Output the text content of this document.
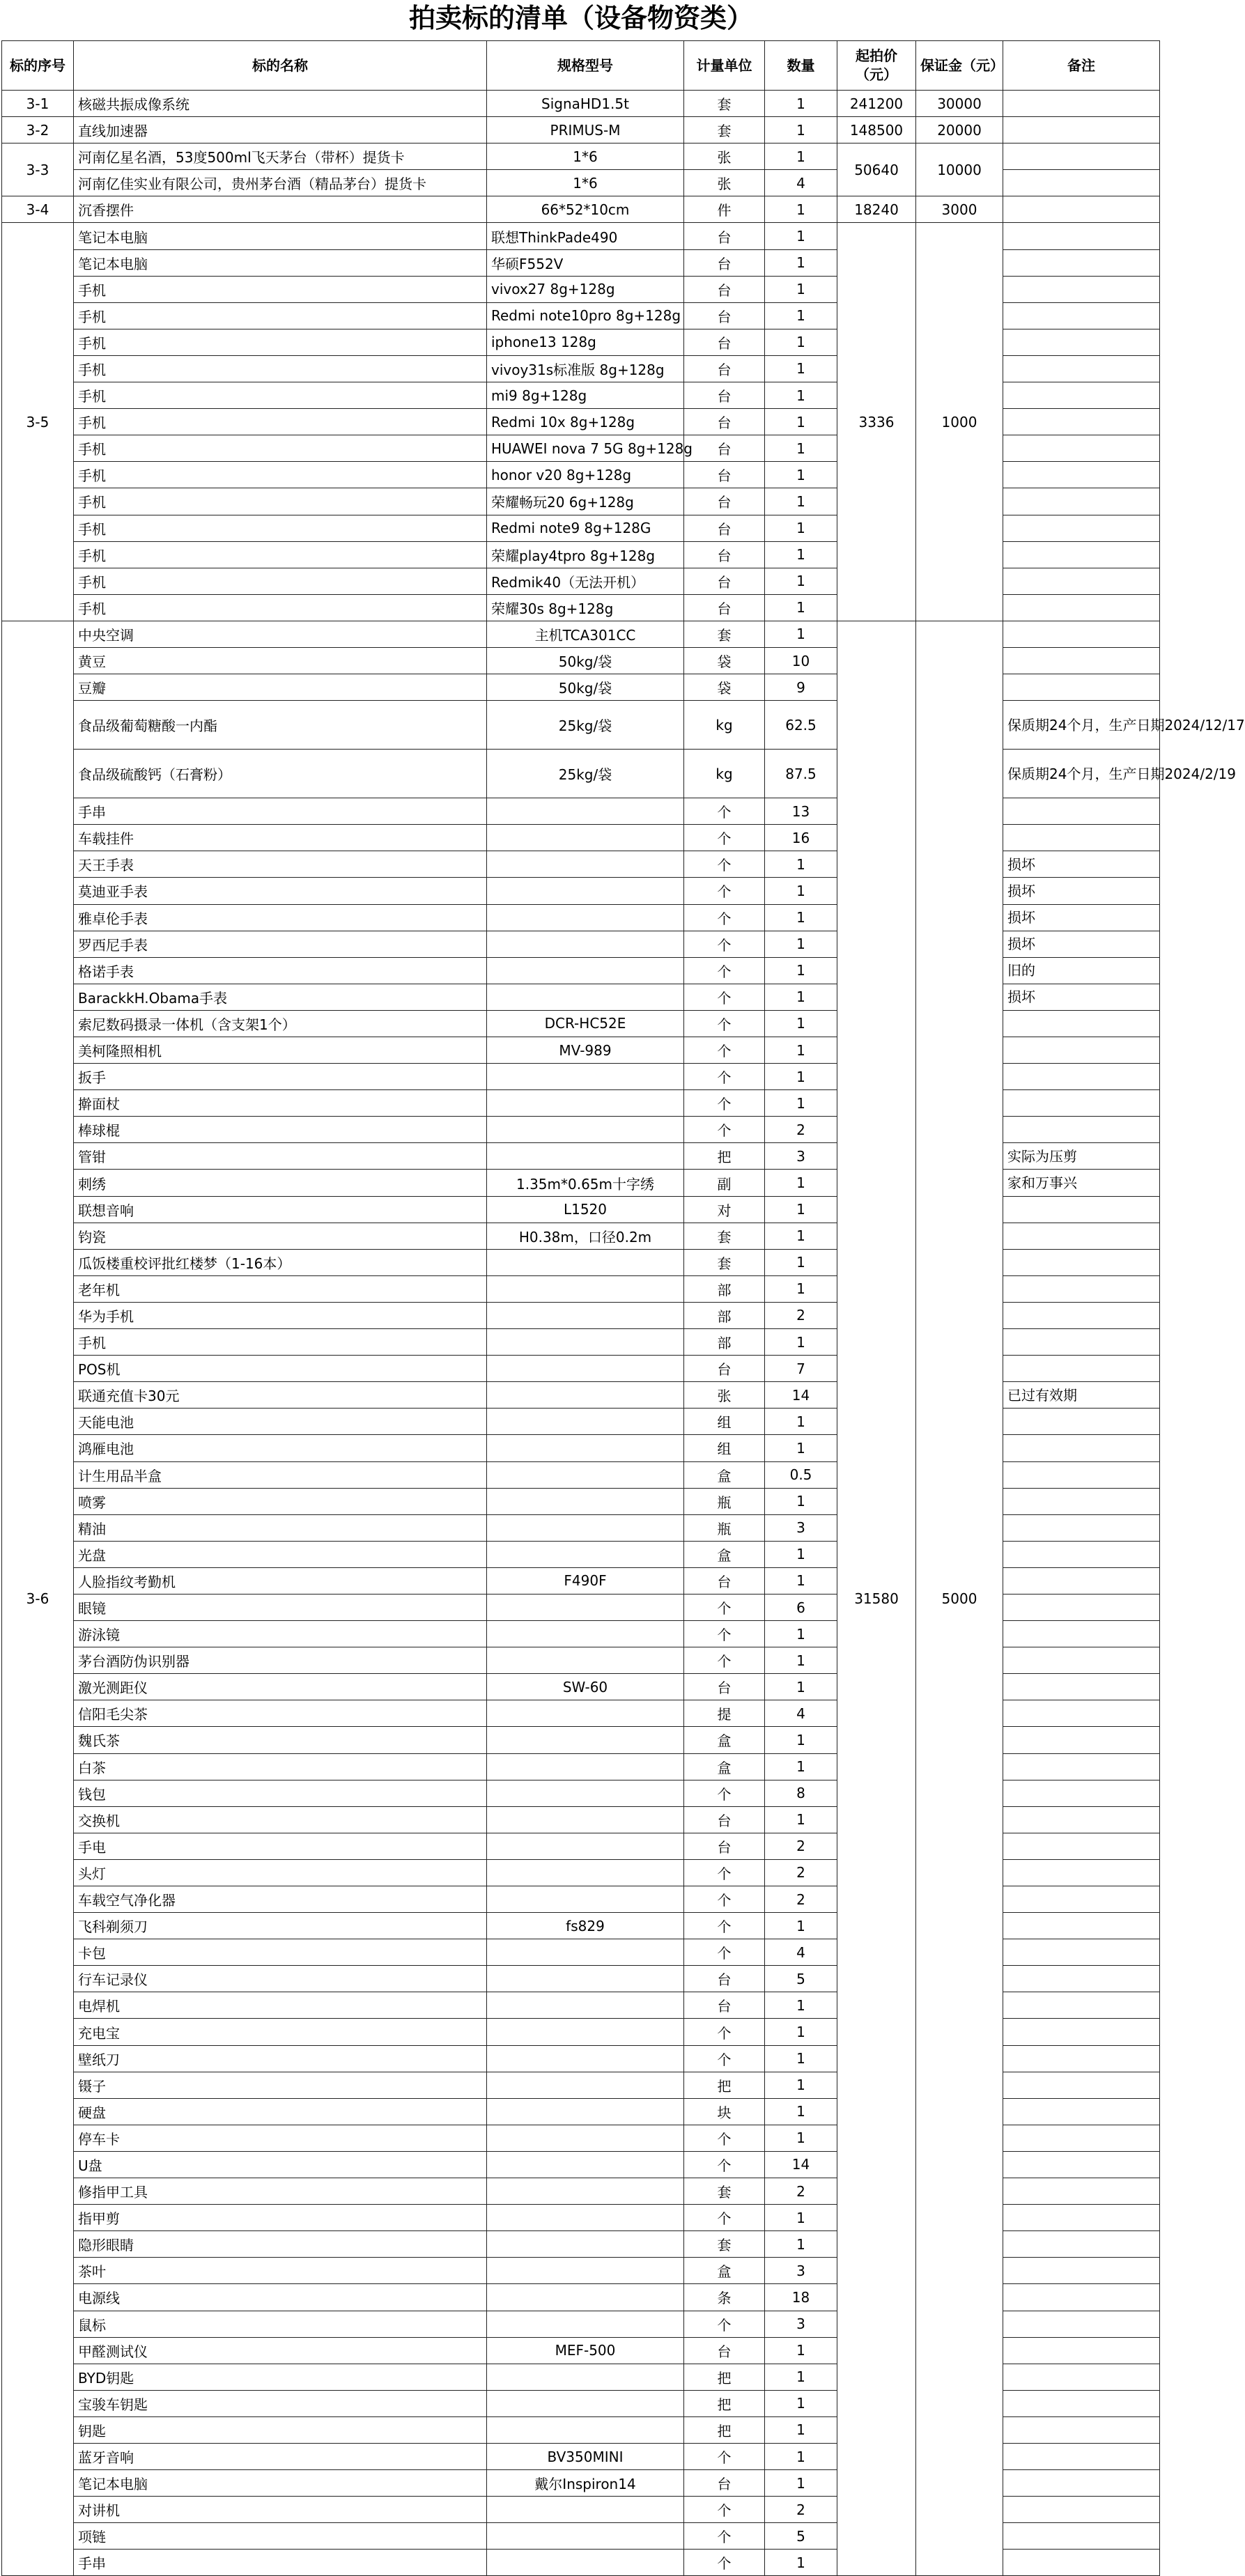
拍卖标的清单（设备物资类）
标的序号	标的名称	规格型号	计量单位	数量	起拍价（元）	保证金（元）	备注
3-1	核磁共振成像系统	SignaHD1.5t	套	1	241200	30000	
3-2	直线加速器	PRIMUS-M	套	1	148500	20000	
3-3	河南亿星名酒，53度500ml飞天茅台（带杯）提货卡	1*6	张	1	50640	10000	
	河南亿佳实业有限公司，贵州茅台酒（精品茅台）提货卡	1*6	张	4			
3-4	沉香摆件	66*52*10cm	件	1	18240	3000	
3-5	笔记本电脑	联想ThinkPade490	台	1	3336	1000	
	笔记本电脑	华硕F552V	台	1			
	手机	vivox27 8g+128g	台	1			
	手机	Redmi note10pro 8g+128g	台	1			
	手机	iphone13 128g	台	1			
	手机	vivoy31s标准版 8g+128g	台	1			
	手机	mi9 8g+128g	台	1			
	手机	Redmi 10x 8g+128g	台	1			
	手机	HUAWEI nova 7 5G 8g+128g	台	1			
	手机	honor v20 8g+128g	台	1			
	手机	荣耀畅玩20 6g+128g	台	1			
	手机	Redmi note9 8g+128G	台	1			
	手机	荣耀play4tpro 8g+128g	台	1			
	手机	Redmik40（无法开机）	台	1			
	手机	荣耀30s 8g+128g	台	1			
3-6	中央空调	主机TCA301CC	套	1	31580	5000	
	黄豆	50kg/袋	袋	10			
	豆瓣	50kg/袋	袋	9			
	食品级葡萄糖酸一内酯	25kg/袋	kg	62.5			保质期24个月，生产日期2024/12/17
	食品级硫酸钙（石膏粉）	25kg/袋	kg	87.5			保质期24个月，生产日期2024/2/19
	手串		个	13			
	车载挂件		个	16			
	天王手表		个	1			损坏
	莫迪亚手表		个	1			损坏
	雅卓伦手表		个	1			损坏
	罗西尼手表		个	1			损坏
	格诺手表		个	1			旧的
	BarackkH.Obama手表		个	1			损坏
	索尼数码摄录一体机（含支架1个）	DCR-HC52E	个	1			
	美柯隆照相机	MV-989	个	1			
	扳手		个	1			
	擀面杖		个	1			
	棒球棍		个	2			
	管钳		把	3			实际为压剪
	刺绣	1.35m*0.65m十字绣	副	1			家和万事兴
	联想音响	L1520	对	1			
	钧瓷	H0.38m，口径0.2m	套	1			
	瓜饭楼重校评批红楼梦（1-16本）		套	1			
	老年机		部	1			
	华为手机		部	2			
	手机		部	1			
	POS机		台	7			
	联通充值卡30元		张	14			已过有效期
	天能电池		组	1			
	鸿雁电池		组	1			
	计生用品半盒		盒	0.5			
	喷雾		瓶	1			
	精油		瓶	3			
	光盘		盒	1			
	人脸指纹考勤机	F490F	台	1			
	眼镜		个	6			
	游泳镜		个	1			
	茅台酒防伪识别器		个	1			
	激光测距仪	SW-60	台	1			
	信阳毛尖茶		提	4			
	魏氏茶		盒	1			
	白茶		盒	1			
	钱包		个	8			
	交换机		台	1			
	手电		台	2			
	头灯		个	2			
	车载空气净化器		个	2			
	飞科剃须刀	fs829	个	1			
	卡包		个	4			
	行车记录仪		台	5			
	电焊机		台	1			
	充电宝		个	1			
	壁纸刀		个	1			
	镊子		把	1			
	硬盘		块	1			
	停车卡		个	1			
	U盘		个	14			
	修指甲工具		套	2			
	指甲剪		个	1			
	隐形眼睛		套	1			
	茶叶		盒	3			
	电源线		条	18			
	鼠标		个	3			
	甲醛测试仪	MEF-500	台	1			
	BYD钥匙		把	1			
	宝骏车钥匙		把	1			
	钥匙		把	1			
	蓝牙音响	BV350MINI	个	1			
	笔记本电脑	戴尔Inspiron14	台	1			
	对讲机		个	2			
	项链		个	5			
	手串		个	1			
